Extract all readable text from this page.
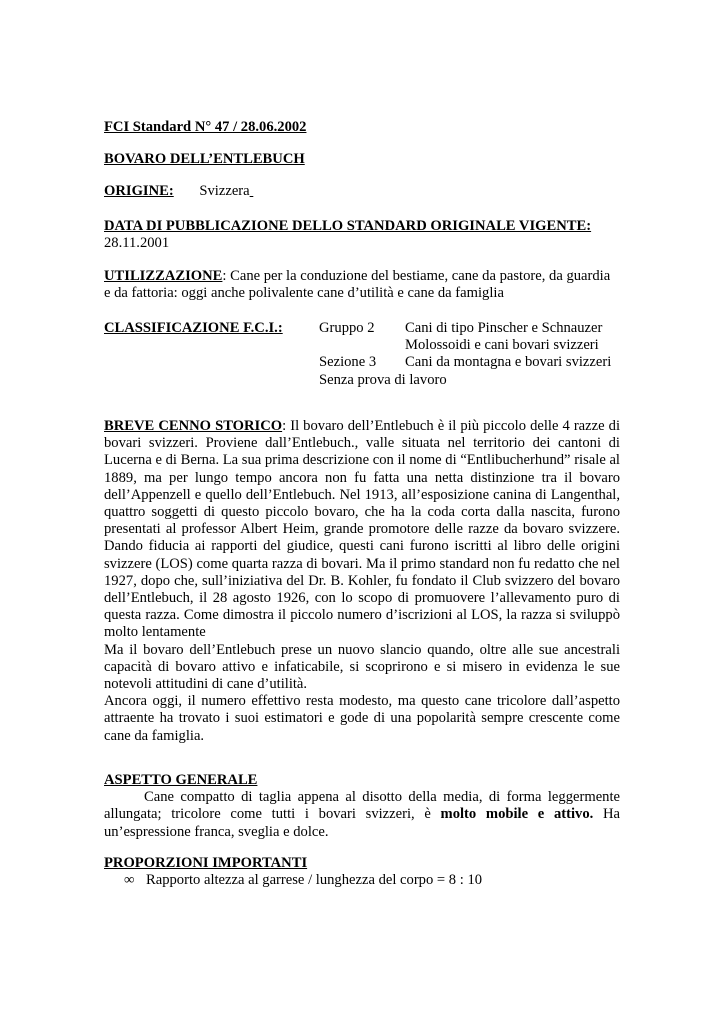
FCI Standard N° 47 / 28.06.2002
BOVARO DELL’ENTLEBUCH
ORIGINE: Svizzera
DATA DI PUBBLICAZIONE DELLO STANDARD ORIGINALE VIGENTE:
28.11.2001
UTILIZZAZIONE: Cane per la conduzione del bestiame, cane da pastore, da guardia e da fattoria: oggi anche polivalente cane d’utilità e cane da famiglia
CLASSIFICAZIONE F.C.I.: Gruppo 2 Cani di tipo Pinscher e Schnauzer
Molossoidi e cani bovari svizzeri
Sezione 3 Cani da montagna e bovari svizzeri
Senza prova di lavoro
BREVE CENNO STORICO: Il bovaro dell’Entlebuch è il più piccolo delle 4 razze di bovari svizzeri. Proviene dall’Entlebuch., valle situata nel territorio dei cantoni di Lucerna e di Berna. La sua prima descrizione con il nome di “Entlibucherhund” risale al 1889, ma per lungo tempo ancora non fu fatta una netta distinzione tra il bovaro dell’Appenzell e quello dell’Entlebuch. Nel 1913, all’esposizione canina di Langenthal, quattro soggetti di questo piccolo bovaro, che ha la coda corta dalla nascita, furono presentati al professor Albert Heim, grande promotore delle razze da bovaro svizzere. Dando fiducia ai rapporti del giudice, questi cani furono iscritti al libro delle origini svizzere (LOS) come quarta razza di bovari. Ma il primo standard non fu redatto che nel 1927, dopo che, sull’iniziativa del Dr. B. Kohler, fu fondato il Club svizzero del bovaro dell’Entlebuch, il 28 agosto 1926, con lo scopo di promuovere l’allevamento puro di questa razza. Come dimostra il piccolo numero d’iscrizioni al LOS, la razza si sviluppò molto lentamente
Ma il bovaro dell’Entlebuch prese un nuovo slancio quando, oltre alle sue ancestrali capacità di bovaro attivo e infaticabile, si scoprirono e si misero in evidenza le sue notevoli attitudini di cane d’utilità.
Ancora oggi, il numero effettivo resta modesto, ma questo cane tricolore dall’aspetto attraente ha trovato i suoi estimatori e gode di una popolarità sempre crescente come cane da famiglia.
ASPETTO GENERALE
Cane compatto di taglia appena al disotto della media, di forma leggermente allungata; tricolore come tutti i bovari svizzeri, è molto mobile e attivo. Ha un’espressione franca, sveglia e dolce.
PROPORZIONI IMPORTANTI
∞ Rapporto altezza al garrese / lunghezza del corpo = 8 : 10
